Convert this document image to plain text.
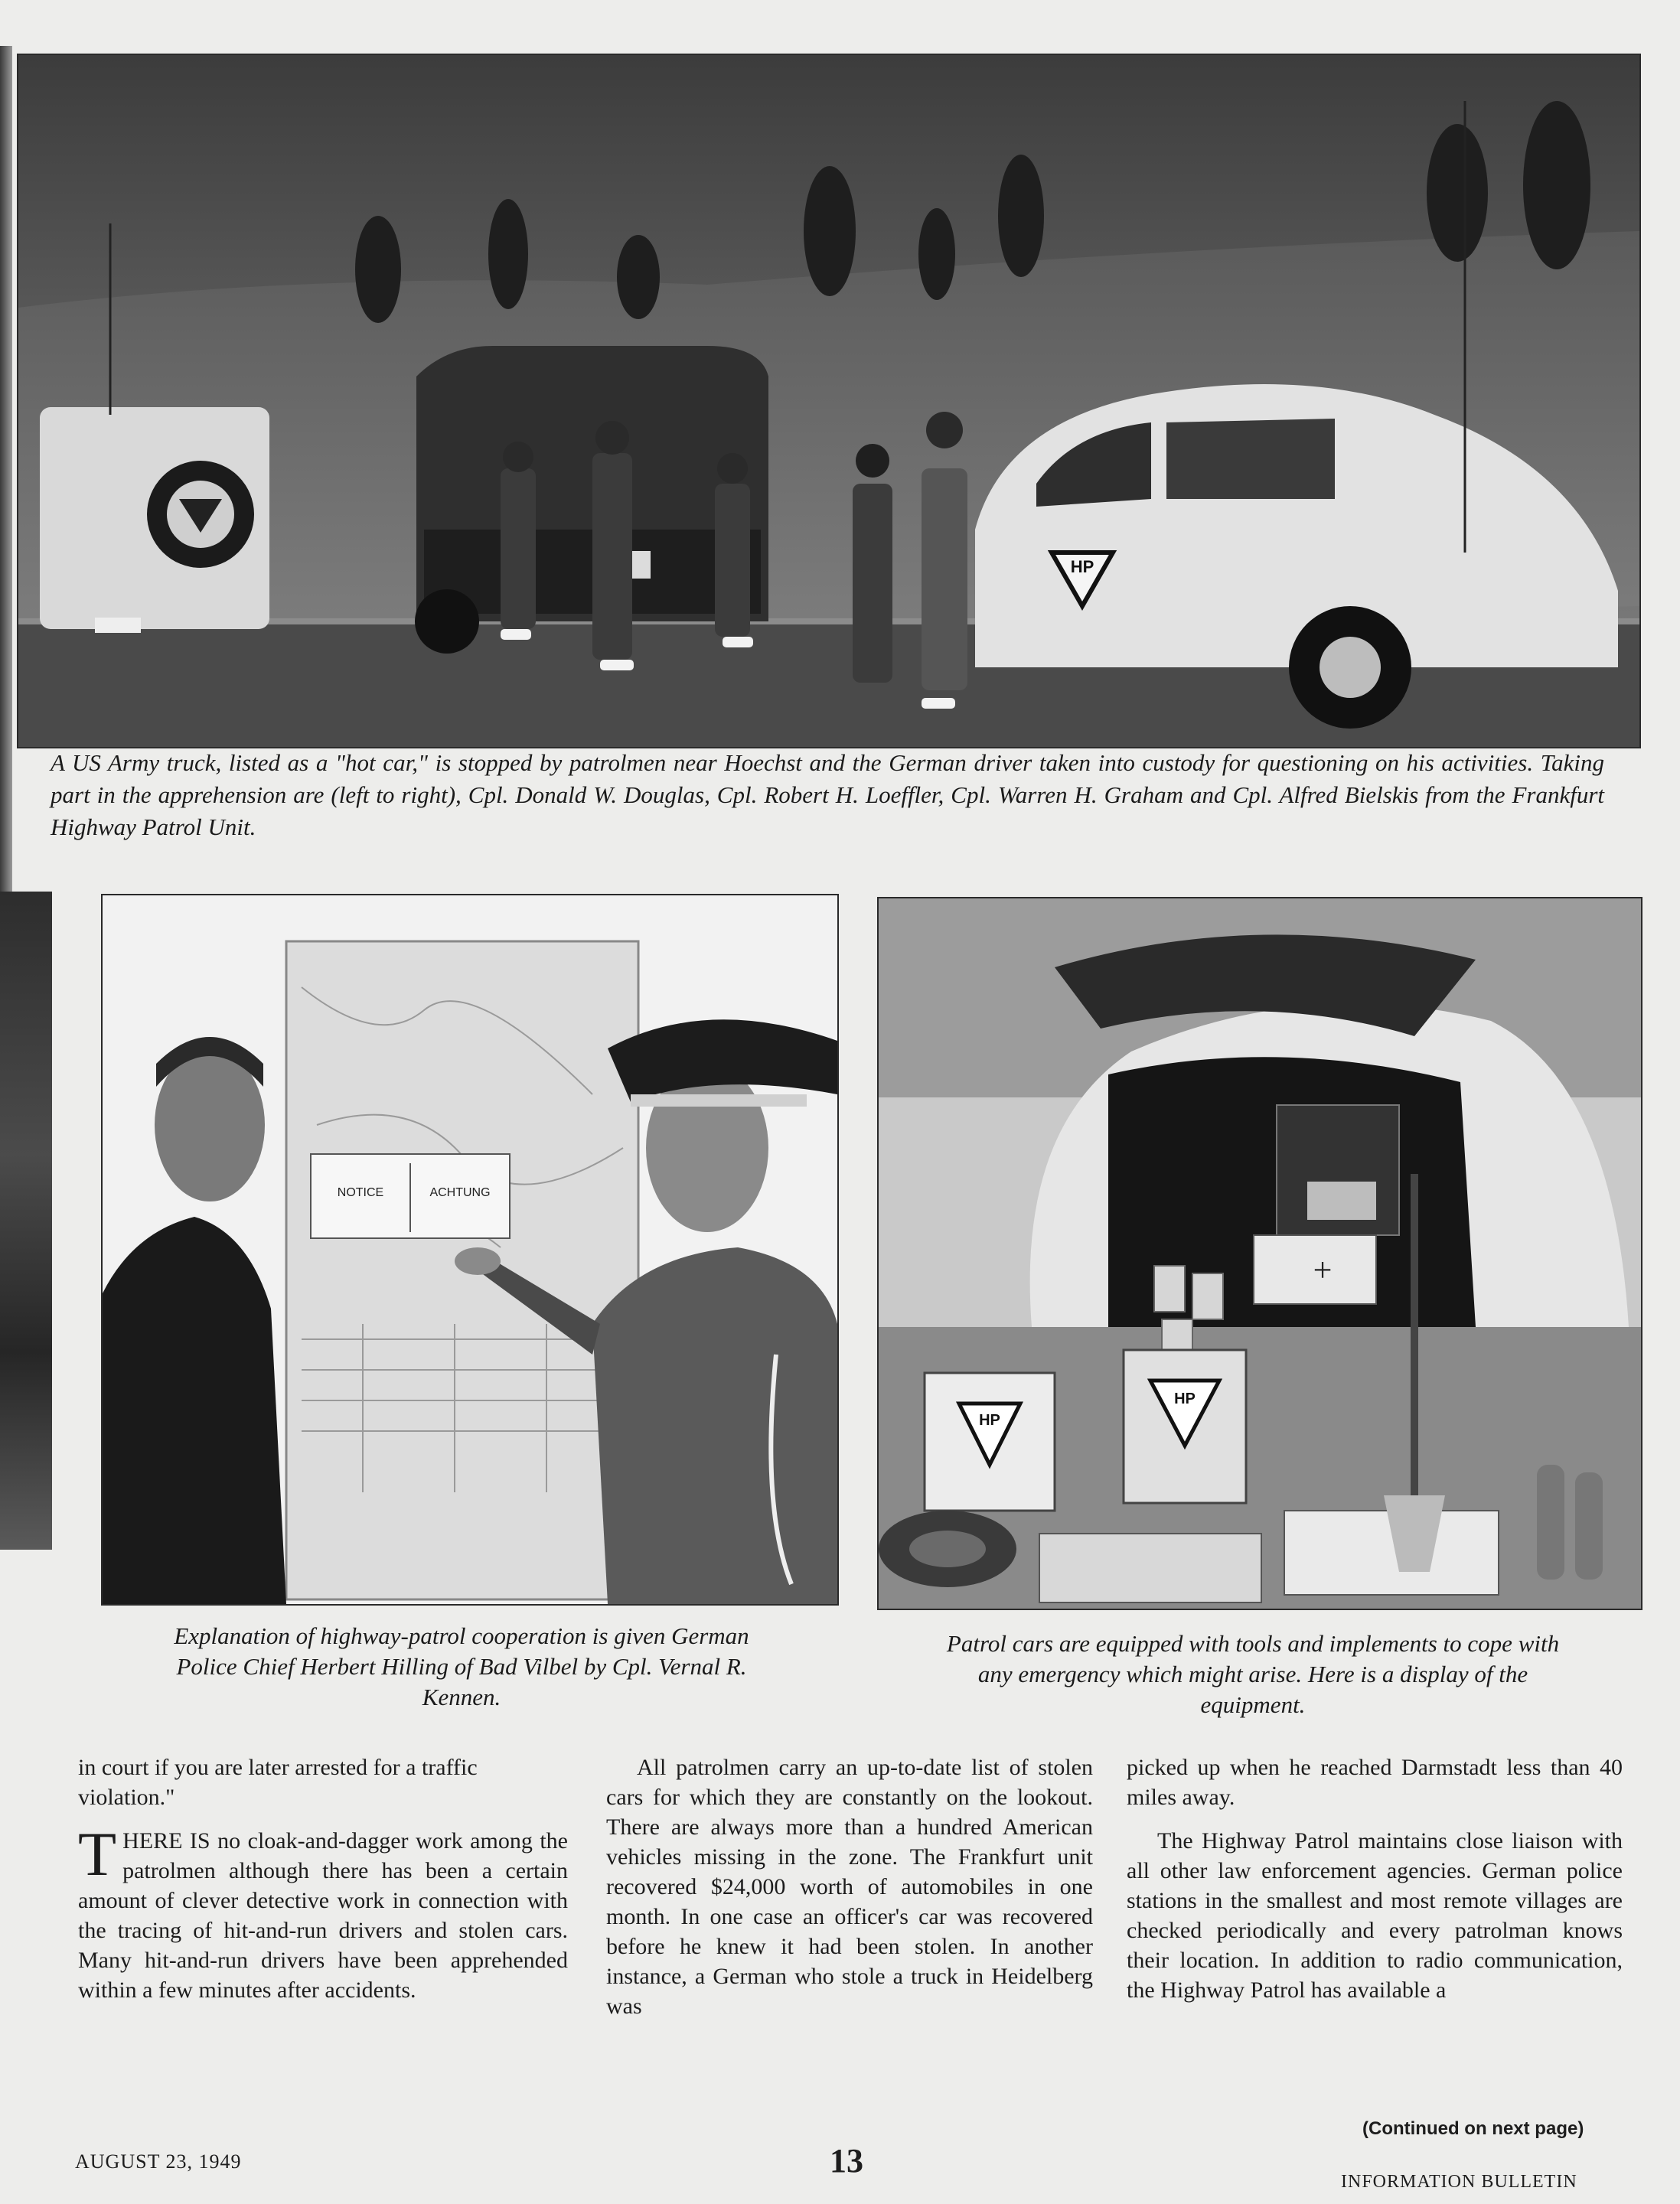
HP

A US Army truck, listed as a "hot car," is stopped by patrolmen near Hoechst and the German driver taken into custody for questioning on his activities. Taking part in the apprehension are (left to right), Cpl. Donald W. Douglas, Cpl. Robert H. Loeffler, Cpl. Warren H. Graham and Cpl. Alfred Bielskis from the Frankfurt Highway Patrol Unit.

NOTICE	ACHTUNG
+
HP
HP

Explanation of highway-patrol cooperation is given German Police Chief Herbert Hilling of Bad Vilbel by Cpl. Vernal R. Kennen.

Patrol cars are equipped with tools and implements to cope with any emergency which might arise. Here is a display of the equipment.

in court if you are later arrested for a traffic violation."

THERE IS no cloak-and-dagger work among the patrolmen although there has been a certain amount of clever detective work in connection with the tracing of hit-and-run drivers and stolen cars. Many hit-and-run drivers have been apprehended within a few minutes after accidents.

All patrolmen carry an up-to-date list of stolen cars for which they are constantly on the lookout. There are always more than a hundred American vehicles missing in the zone. The Frankfurt unit recovered $24,000 worth of automobiles in one month. In one case an officer's car was recovered before he knew it had been stolen. In another instance, a German who stole a truck in Heidelberg was

picked up when he reached Darmstadt less than 40 miles away.

The Highway Patrol maintains close liaison with all other law enforcement agencies. German police stations in the smallest and most remote villages are checked periodically and every patrolman knows their location. In addition to radio communication, the Highway Patrol has available a

(Continued on next page)
AUGUST 23, 1949	13
INFORMATION BULLETIN
